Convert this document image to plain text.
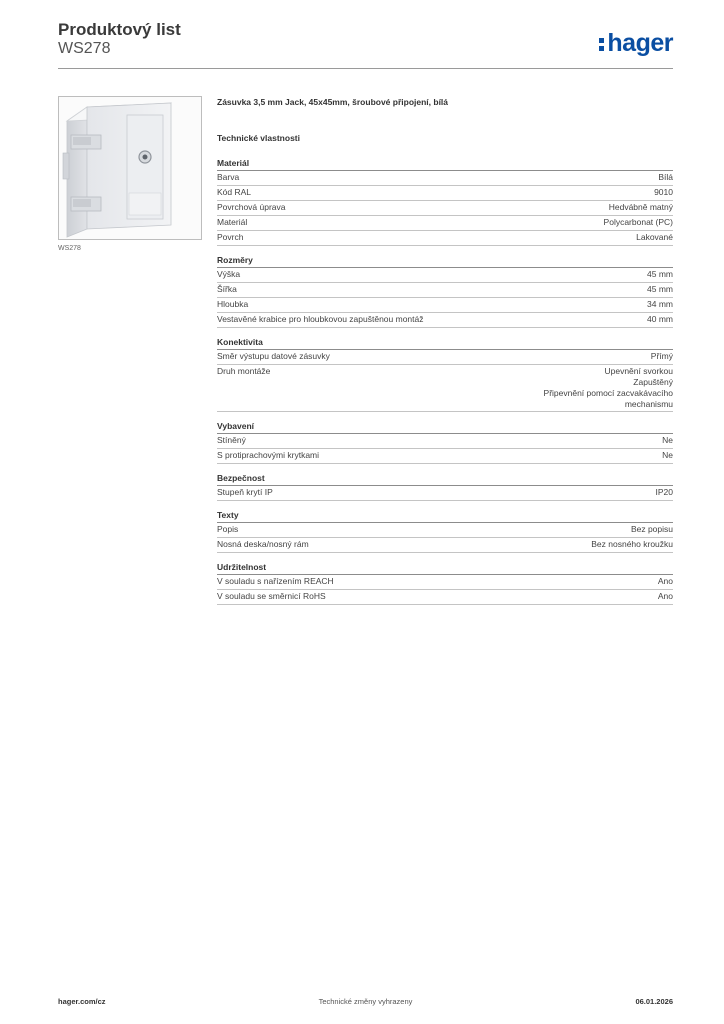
Produktový list
WS278	hager
WS278
Zásuvka 3,5 mm Jack, 45x45mm, šroubové připojení, bílá
Technické vlastnosti
Materiál
Barva	Bílá
Kód RAL	9010
Povrchová úprava	Hedvábně matný
Materiál	Polycarbonat (PC)
Povrch	Lakované
Rozměry
Výška	45 mm
Šířka	45 mm
Hloubka	34 mm
Vestavěné krabice pro hloubkovou zapuštěnou montáž	40 mm
Konektivita
Směr výstupu datové zásuvky	Přímý
Druh montáže	Upevnění svorkou
Zapuštěný
Připevnění pomocí zacvakávacího
mechanismu
Vybavení
Stíněný	Ne
S protiprachovými krytkami	Ne
Bezpečnost
Stupeň krytí IP	IP20
Texty
Popis	Bez popisu
Nosná deska/nosný rám	Bez nosného kroužku
Udržitelnost
V souladu s nařízením REACH	Ano
V souladu se směrnicí RoHS	Ano
hager.com/cz	Technické změny vyhrazeny	06.01.2026
